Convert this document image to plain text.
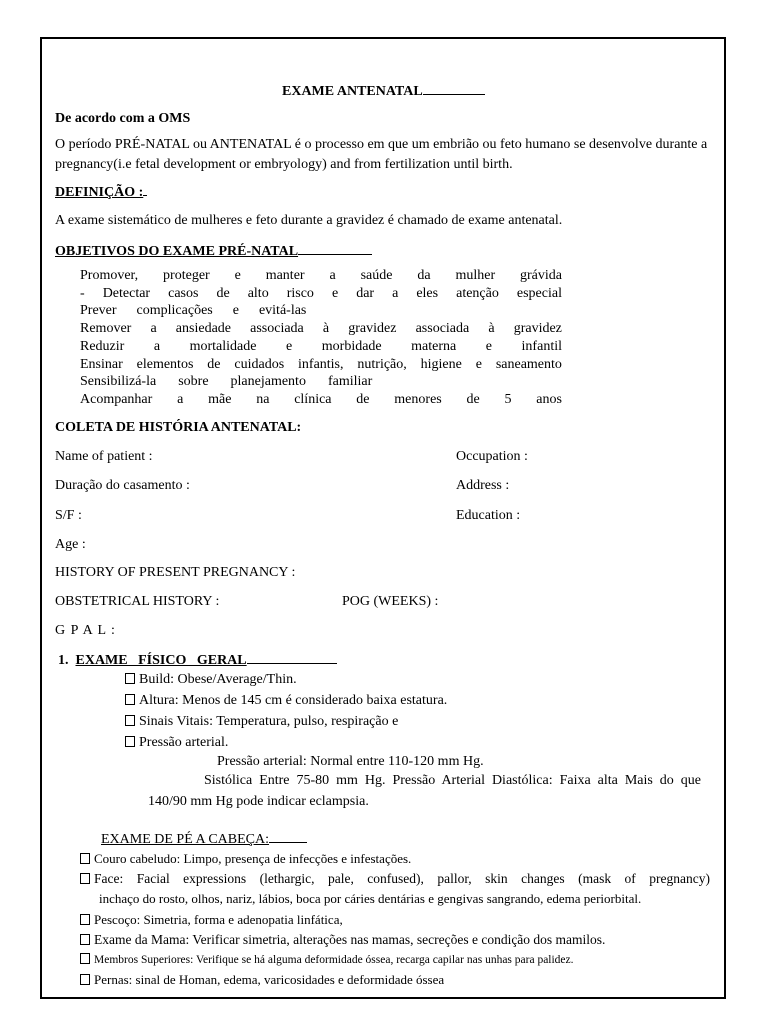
EXAME ANTENATAL
De acordo com a OMS
O período PRÉ-NATAL ou ANTENATAL é o processo em que um embrião ou feto humano se desenvolve durante a
pregnancy(i.e fetal development or embryology) and from fertilization until birth.
DEFINIÇÃO :
A exame sistemático de mulheres e feto durante a gravidez é chamado de exame antenatal.
OBJETIVOS DO EXAME PRÉ-NATAL
Promover, proteger e manter a saúde da mulher grávida
- Detectar casos de alto risco e dar a eles atenção especial
Prever complicações e evitá-las
Remover a ansiedade associada à gravidez associada à gravidez
Reduzir a mortalidade e morbidade materna e infantil
Ensinar elementos de cuidados infantis, nutrição, higiene e saneamento
Sensibilizá-la sobre planejamento familiar
Acompanhar a mãe na clínica de menores de 5 anos
COLETA DE HISTÓRIA ANTENATAL:
Name of patient :	Occupation :
Duração do casamento :	Address :
S/F :	Education :
Age :
HISTORY OF PRESENT PREGNANCY :
OBSTETRICAL HISTORY :	POG (WEEKS) :
G P A L :
1. EXAME   FÍSICO   GERAL
Build: Obese/Average/Thin.
Altura: Menos de 145 cm é considerado baixa estatura.
Sinais Vitais: Temperatura, pulso, respiração e
Pressão arterial.
Pressão arterial: Normal entre 110-120 mm Hg.
Sistólica Entre 75-80 mm Hg. Pressão Arterial Diastólica: Faixa alta Mais do que
140/90 mm Hg pode indicar eclampsia.
EXAME DE PÉ A CABEÇA:
Couro cabeludo: Limpo, presença de infecções e infestações.
Face: Facial expressions (lethargic, pale, confused), pallor, skin changes (mask of pregnancy)
inchaço do rosto, olhos, nariz, lábios, boca por cáries dentárias e gengivas sangrando, edema periorbital.
Pescoço: Simetria, forma e adenopatia linfática,
Exame da Mama: Verificar simetria, alterações nas mamas, secreções e condição dos mamilos.
Membros Superiores: Verifique se há alguma deformidade óssea, recarga capilar nas unhas para palidez.
Pernas: sinal de Homan, edema, varicosidades e deformidade óssea
